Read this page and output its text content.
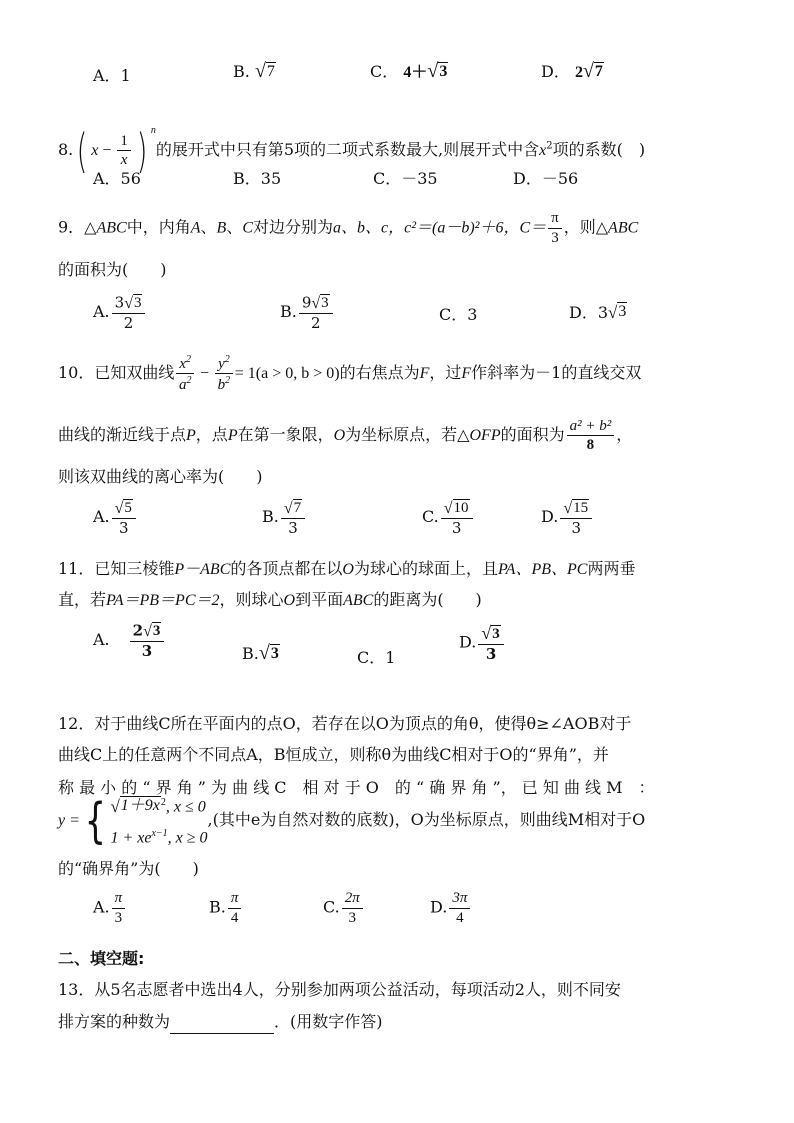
A．1	B. √ 7	C． 4＋ √ 3	D． 2 √ 7
8.( $x - \frac{1}{x}$ ) $^n$的展开式中只有第5项的二项式系数最大,则展开式中含$x^2$项的系数(　)
A．56	B．35	C．－35	D．－56
9．△ABC中，内角A、B、C对边分别为a、b、c，c²＝(a－b)²＋6，$C= \frac{\pi}{3}$ ，则△ABC
的面积为(　　)
A. $\frac{3 √ 3}{2}$	B. $\frac{9 √ 3}{2}$	C．3	D．3 √ 3
10．已知双曲线 $\frac{x^2}{a^2} - \frac{y^2}{b^2} = 1(a > 0$, b > 0)的右焦点为F，过F作斜率为－1的直线交双
曲线的渐近线于点P，点P在第一象限，O为坐标原点，若△OFP的面积为 $\frac{\text{a² + b²}}{8}$ ，
则该双曲线的离心率为(　　)
A. $\frac{√ 5}{3}$	B. $\frac{√ 7}{3}$	C. $\frac{√ 10}{3}$	D. $\frac{√ 15}{3}$
11．已知三棱锥P－ABC的各顶点都在以O为球心的球面上，且PA、PB、PC两两垂
直，若PA＝PB＝PC＝2，则球心O到平面ABC的距离为(　　)
A. $\frac{2 √ 3}{3}$	B. √ 3	C．1
D. $\frac{√ 3}{3}$
12．对于曲线C所在平面内的点O，若存在以O为顶点的角θ，使得θ≥∠AOB对于
曲线C上的任意两个不同点A，B恒成立，则称θ为曲线C相对于O的“界角”，并
称 最 小 的 “ 界 角 ” 为 曲 线 C　相 对 于 O　的 “ 确 界 角 ”， 已 知 曲 线 M　：
y ={ √ 1＋9x $^2$, x ≤ 0
$1 + xe^{x-1}$, x ≥ 0
,(其中e为自然对数的底数)，O为坐标原点，则曲线M相对于O
的“确界角”为(　　)
A. $\frac{\pi}{3}$	B. $\frac{\pi}{4}$	C. $\frac{2\pi}{3}$	D. $\frac{3\pi}{4}$
二、填空题:
13．从5名志愿者中选出4人，分别参加两项公益活动，每项活动2人，则不同安
排方案的种数为	．(用数字作答)
